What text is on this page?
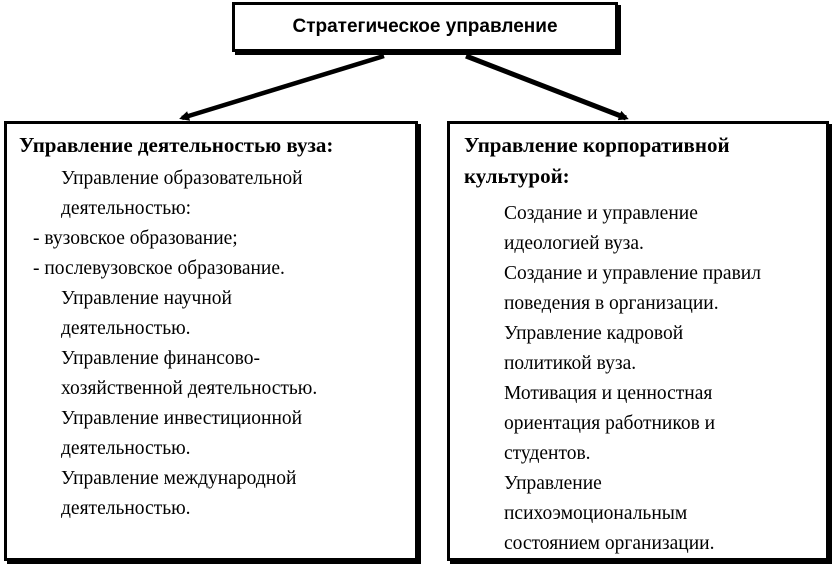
Стратегическое управление
Управление деятельностью вуза:
Управление образовательной
деятельностью:
- вузовское образование;
- послевузовское образование.
Управление научной
деятельностью.
Управление финансово-
хозяйственной деятельностью.
Управление инвестиционной
деятельностью.
Управление международной
деятельностью.
Управление корпоративной
культурой:
Создание и управление
идеологией вуза.
Создание и управление правил
поведения в организации.
Управление кадровой
политикой вуза.
Мотивация и ценностная
ориентация работников и
студентов.
Управление
психоэмоциональным
состоянием организации.
